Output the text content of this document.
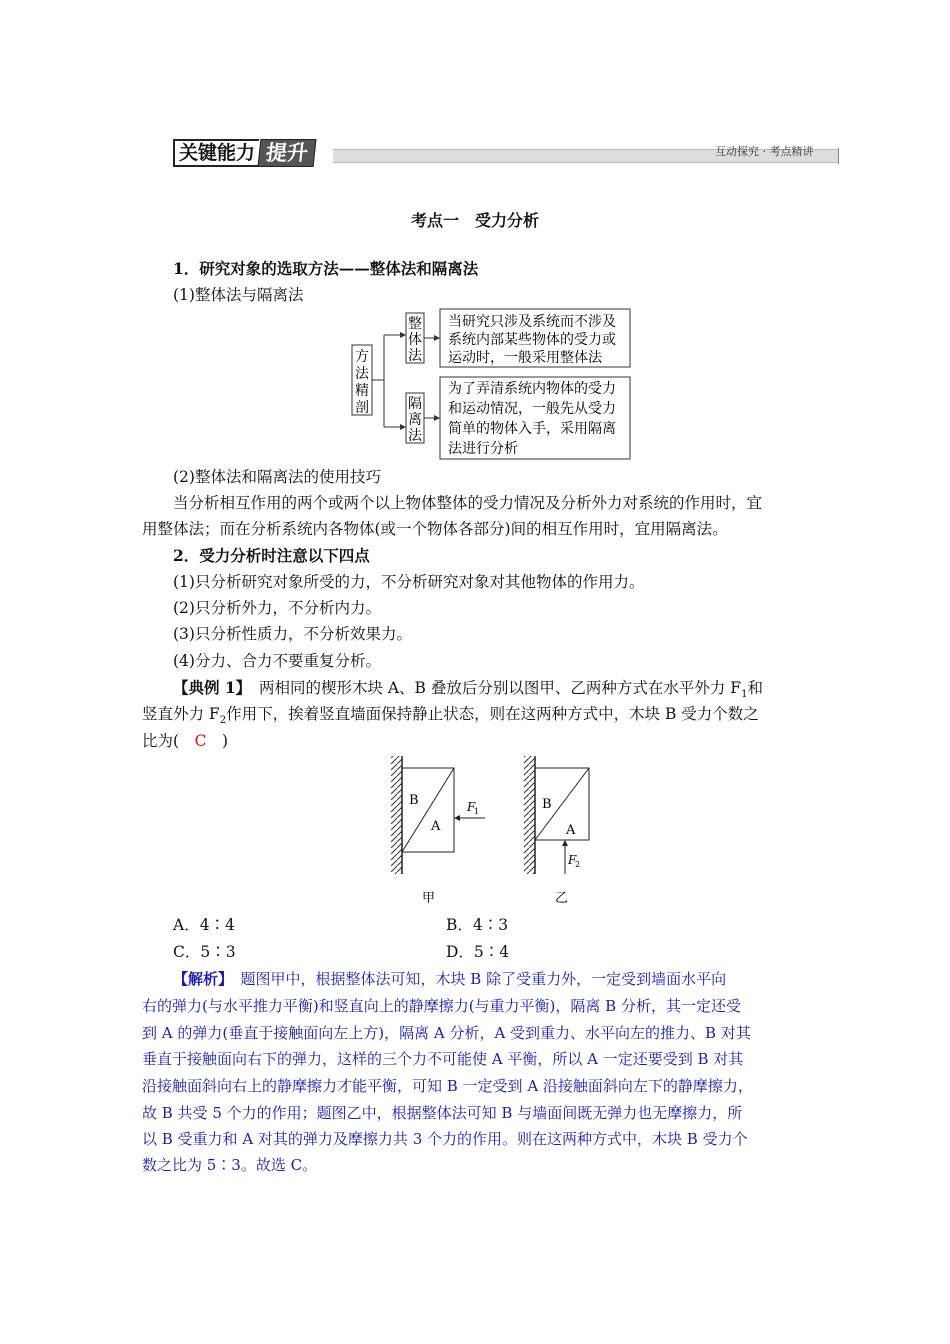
关键能力 提升	互动探究 · 考点精讲
考点一　受力分析
1．研究对象的选取方法——整体法和隔离法
(1)整体法与隔离法
方
法
精
剖
整
体
法
当研究只涉及系统而不涉及
系统内部某些物体的受力或
运动时，一般采用整体法
隔
离
法
为了弄清系统内物体的受力
和运动情况，一般先从受力
简单的物体入手，采用隔离
法进行分析
(2)整体法和隔离法的使用技巧
当分析相互作用的两个或两个以上物体整体的受力情况及分析外力对系统的作用时，宜
用整体法；而在分析系统内各物体(或一个物体各部分)间的相互作用时，宜用隔离法。
2．受力分析时注意以下四点
(1)只分析研究对象所受的力，不分析研究对象对其他物体的作用力。
(2)只分析外力，不分析内力。
(3)只分析性质力，不分析效果力。
(4)分力、合力不要重复分析。
【典例 1】　两相同的楔形木块 A、B 叠放后分别以图甲、乙两种方式在水平外力 $F_1$和
竖直外力 $F_2$作用下，挨着竖直墙面保持静止状态，则在这两种方式中，木块 B 受力个数之
比为(　C　)
B
A
F
1
甲
B
A
F
2
乙
A．4∶4	B．4∶3
C．5∶3	D．5∶4
【解析】　题图甲中，根据整体法可知，木块 B 除了受重力外，一定受到墙面水平向
右的弹力(与水平推力平衡)和竖直向上的静摩擦力(与重力平衡)，隔离 B 分析，其一定还受
到 A 的弹力(垂直于接触面向左上方)，隔离 A 分析，A 受到重力、水平向左的推力、B 对其
垂直于接触面向右下的弹力，这样的三个力不可能使 A 平衡，所以 A 一定还要受到 B 对其
沿接触面斜向右上的静摩擦力才能平衡，可知 B 一定受到 A 沿接触面斜向左下的静摩擦力，
故 B 共受 5 个力的作用；题图乙中，根据整体法可知 B 与墙面间既无弹力也无摩擦力，所
以 B 受重力和 A 对其的弹力及摩擦力共 3 个力的作用。则在这两种方式中，木块 B 受力个
数之比为 5∶3。故选 C。
